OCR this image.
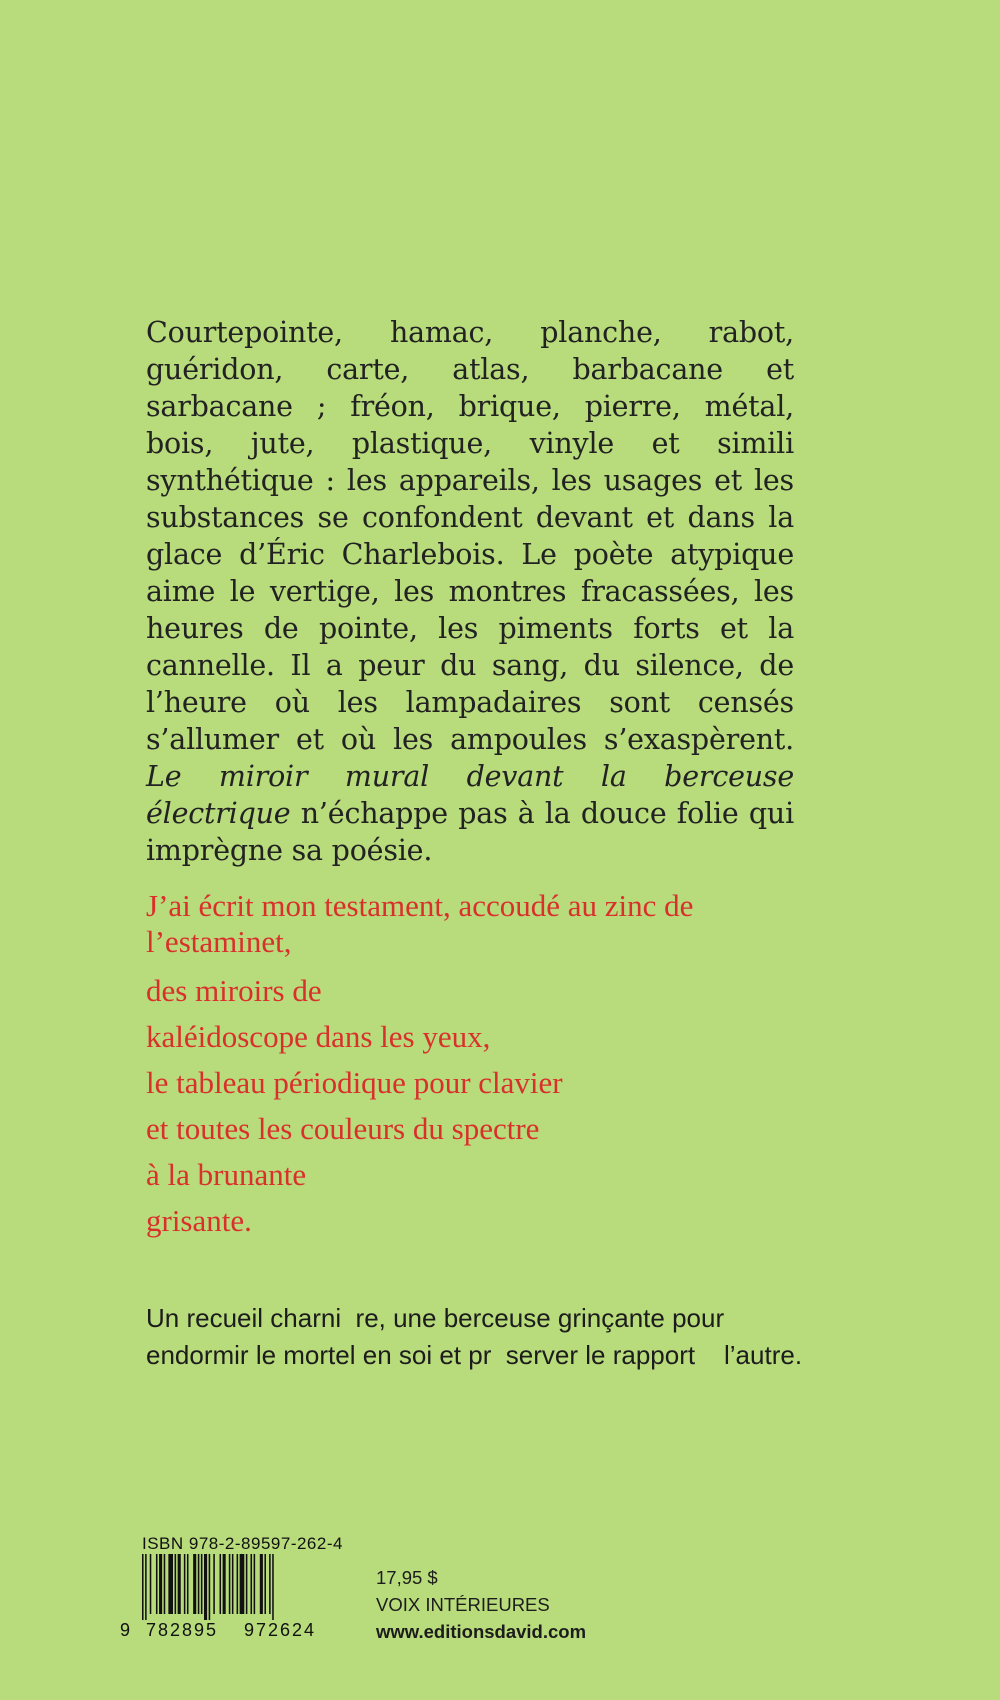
Courtepointe, hamac, planche, rabot, guéridon, carte, atlas, barbacane et sarbacane ; fréon, brique, pierre, métal, bois, jute, plastique, vinyle et simili synthétique : les appareils, les usages et les substances se confondent devant et dans la glace d’Éric Charlebois. Le poète atypique aime le vertige, les montres fracassées, les heures de pointe, les piments forts et la cannelle. Il a peur du sang, du silence, de l’heure où les lampadaires sont censés s’allumer et où les ampoules s’exaspèrent. Le miroir mural devant la berceuse électrique n’échappe pas à la douce folie qui imprègne sa poésie.

J’ai écrit mon testament, accoudé au zinc de l’estaminet,

des miroirs de

kaléidoscope dans les yeux,

le tableau périodique pour clavier

et toutes les couleurs du spectre

à la brunante

grisante.

Un recueil charni  re, une berceuse grinçante pour

endormir le mortel en soi et pr  server le rapport    l’autre.

ISBN 978-2-89597-262-4
9 782895 972624
17,95 $
VOIX INTÉRIEURES
www.editionsdavid.com
